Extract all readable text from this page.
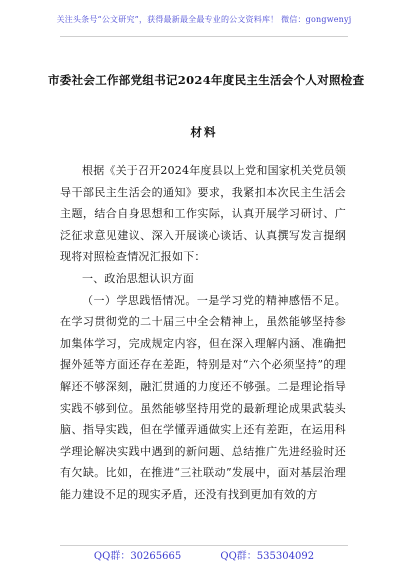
关注头条号“公文研究”，获得最新最全最专业的公文资料库！ 微信：gongwenyj
市委社会工作部党组书记2024年度民主生活会个人对照检查
材料

根据《关于召开2024年度县以上党和国家机关党员领导干部民主生活会的通知》要求，我紧扣本次民主生活会主题，结合自身思想和工作实际，认真开展学习研讨、广泛征求意见建议、深入开展谈心谈话、认真撰写发言提纲现将对照检查情况汇报如下：

一、政治思想认识方面

（一）学思践悟情况。一是学习党的精神感悟不足。在学习贯彻党的二十届三中全会精神上，虽然能够坚持参加集体学习，完成规定内容，但在深入理解内涵、准确把握外延等方面还存在差距，特别是对“六个必须坚持”的理解还不够深刻，融汇贯通的力度还不够强。二是理论指导实践不够到位。虽然能够坚持用党的最新理论成果武装头脑、指导实践，但在学懂弄通做实上还有差距，在运用科学理论解决实践中遇到的新问题、总结推广先进经验时还有欠缺。比如，在推进“三社联动”发展中，面对基层治理能力建设不足的现实矛盾，还没有找到更加有效的方

QQ群：30265665	QQ群：535304092
